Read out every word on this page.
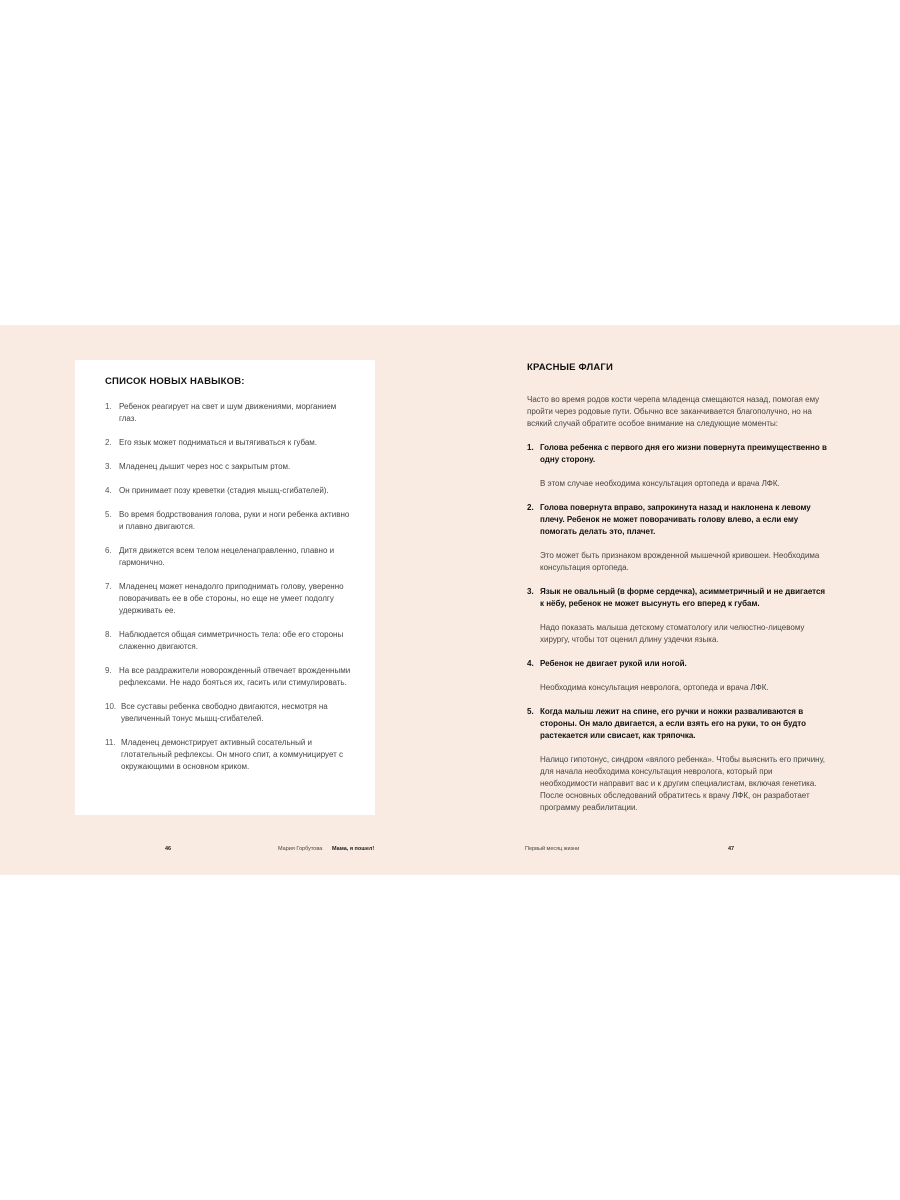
СПИСОК НОВЫХ НАВЫКОВ:
1. Ребенок реагирует на свет и шум движениями, морганием глаз.
2. Его язык может подниматься и вытягиваться к губам.
3. Младенец дышит через нос с закрытым ртом.
4. Он принимает позу креветки (стадия мышц-сгибателей).
5. Во время бодрствования голова, руки и ноги ребенка активно и плавно двигаются.
6. Дитя движется всем телом нецеленаправленно, плавно и гармонично.
7. Младенец может ненадолго приподнимать голову, уверенно поворачивать ее в обе стороны, но еще не умеет подолгу удерживать ее.
8. Наблюдается общая симметричность тела: обе его стороны слаженно двигаются.
9. На все раздражители новорожденный отвечает врожденными рефлексами. Не надо бояться их, гасить или стимулировать.
10. Все суставы ребенка свободно двигаются, несмотря на увеличенный тонус мышц-сгибателей.
11. Младенец демонстрирует активный сосательный и глотательный рефлексы. Он много спит, а коммуницирует с окружающими в основном криком.
46	Мария Горбутова Мама, я пошел!
КРАСНЫЕ ФЛАГИ
Часто во время родов кости черепа младенца смещаются назад, помогая ему пройти через родовые пути. Обычно все заканчивается благополучно, но на всякий случай обратите особое внимание на следующие моменты:
1. Голова ребенка с первого дня его жизни повернута преимущественно в одну сторону.
В этом случае необходима консультация ортопеда и врача ЛФК.
2. Голова повернута вправо, запрокинута назад и наклонена к левому плечу. Ребенок не может поворачивать голову влево, а если ему помогать делать это, плачет.
Это может быть признаком врожденной мышечной кривошеи. Необходима консультация ортопеда.
3. Язык не овальный (в форме сердечка), асимметричный и не двигается к нёбу, ребенок не может высунуть его вперед к губам.
Надо показать малыша детскому стоматологу или челюстно-лицевому хирургу, чтобы тот оценил длину уздечки языка.
4. Ребенок не двигает рукой или ногой.
Необходима консультация невролога, ортопеда и врача ЛФК.
5. Когда малыш лежит на спине, его ручки и ножки разваливаются в стороны. Он мало двигается, а если взять его на руки, то он будто растекается или свисает, как тряпочка.
Налицо гипотонус, синдром «вялого ребенка». Чтобы выяснить его причину, для начала необходима консультация невролога, который при необходимости направит вас и к другим специалистам, включая генетика. После основных обследований обратитесь к врачу ЛФК, он разработает программу реабилитации.
Первый месяц жизни	47
